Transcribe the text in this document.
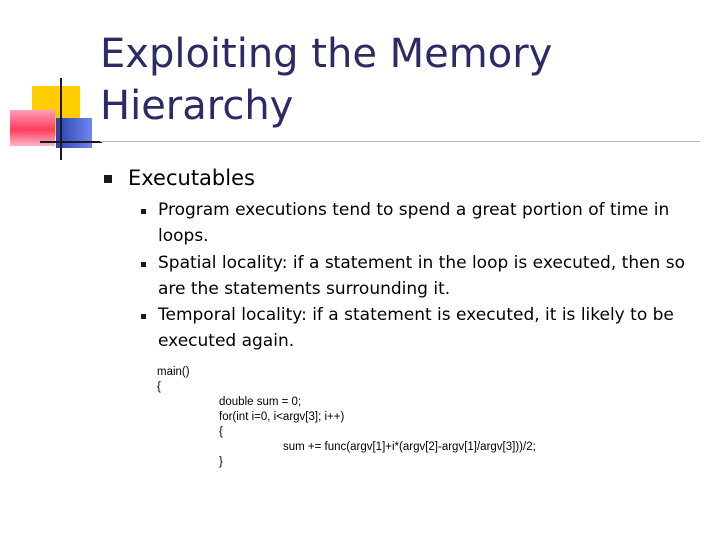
Exploiting the Memory Hierarchy
Executables

Program executions tend to spend a great portion of time in loops.

Spatial locality: if a statement in the loop is executed, then so are the statements surrounding it.

Temporal locality: if a statement is executed, it is likely to be executed again.

main()
{
double sum = 0;
for(int i=0, i<argv[3]; i++)
{
sum += func(argv[1]+i*(argv[2]-argv[1]/argv[3]))/2;
}
